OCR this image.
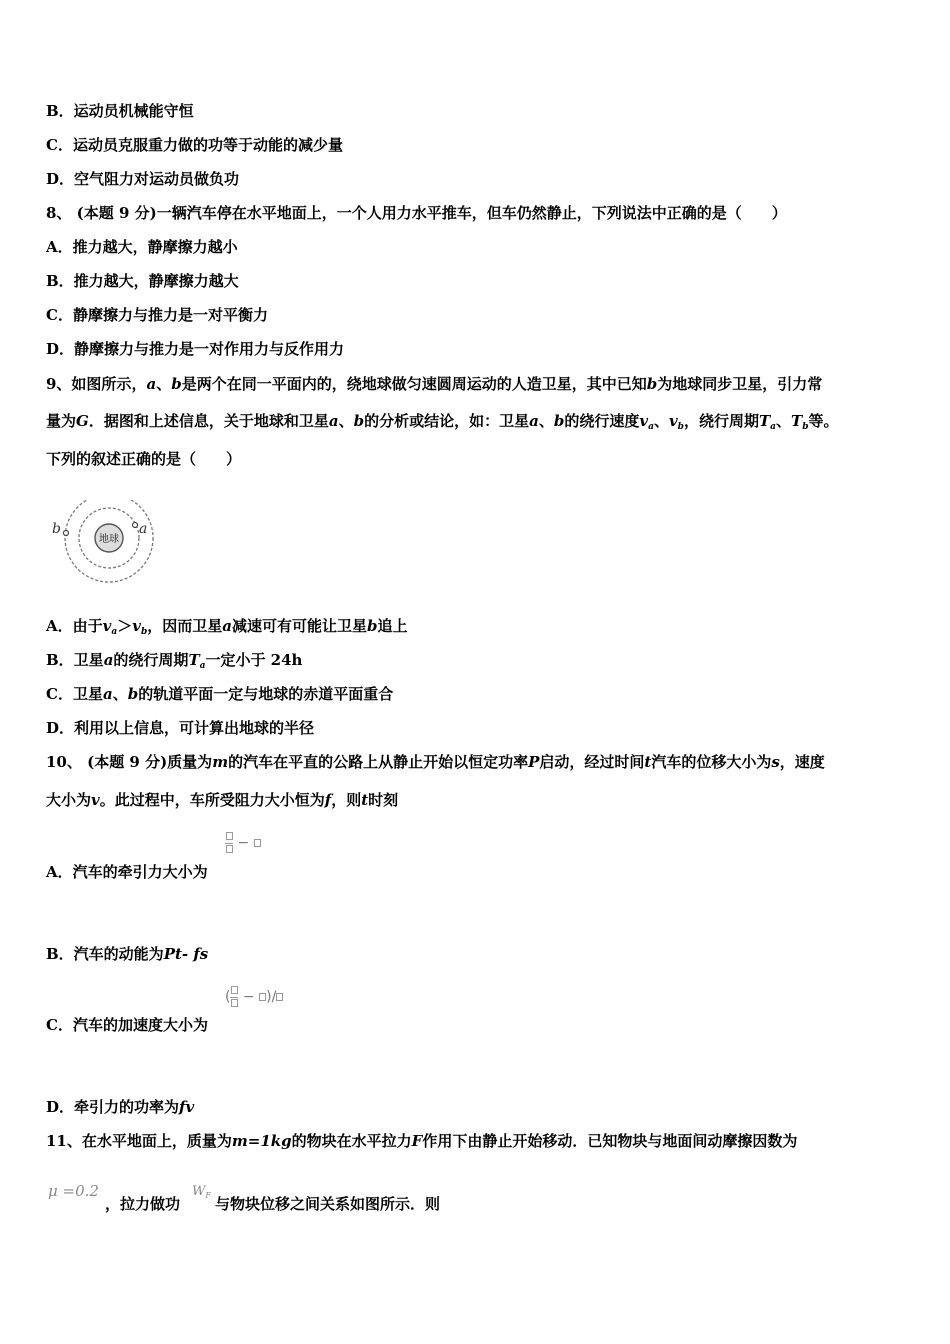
B．运动员机械能守恒
C．运动员克服重力做的功等于动能的减少量
D．空气阻力对运动员做负功
8、 (本题 9 分)一辆汽车停在水平地面上，一个人用力水平推车，但车仍然静止，下列说法中正确的是（　　）
A．推力越大，静摩擦力越小
B．推力越大，静摩擦力越大
C．静摩擦力与推力是一对平衡力
D．静摩擦力与推力是一对作用力与反作用力
9、如图所示，a、b是两个在同一平面内的，绕地球做匀速圆周运动的人造卫星，其中已知b为地球同步卫星，引力常
量为G．据图和上述信息，关于地球和卫星a、b的分析或结论，如：卫星a、b的绕行速度$v_a$、$v_b$，绕行周期$T_a$、$T_b$等。
下列的叙述正确的是（　　）
地球
a
b
A．由于$v_a>v_b$，因而卫星a减速可有可能让卫星b追上
B．卫星a的绕行周期$T_a$一定小于 24h
C．卫星a、b的轨道平面一定与地球的赤道平面重合
D．利用以上信息，可计算出地球的半径
10、 (本题 9 分)质量为m的汽车在平直的公路上从静止开始以恒定功率P启动，经过时间t汽车的位移大小为s，速度
大小为v。此过程中，车所受阻力大小恒为f，则t时刻
−
A．汽车的牵引力大小为
B．汽车的动能为Pt- fs
( − )/
C．汽车的加速度大小为
D．牵引力的功率为fv
11、在水平地面上，质量为m=1kg的物块在水平拉力F作用下由静止开始移动．已知物块与地面间动摩擦因数为
μ =0.2
，拉力做功
$W_F$ 与物块位移之间关系如图所示．则
